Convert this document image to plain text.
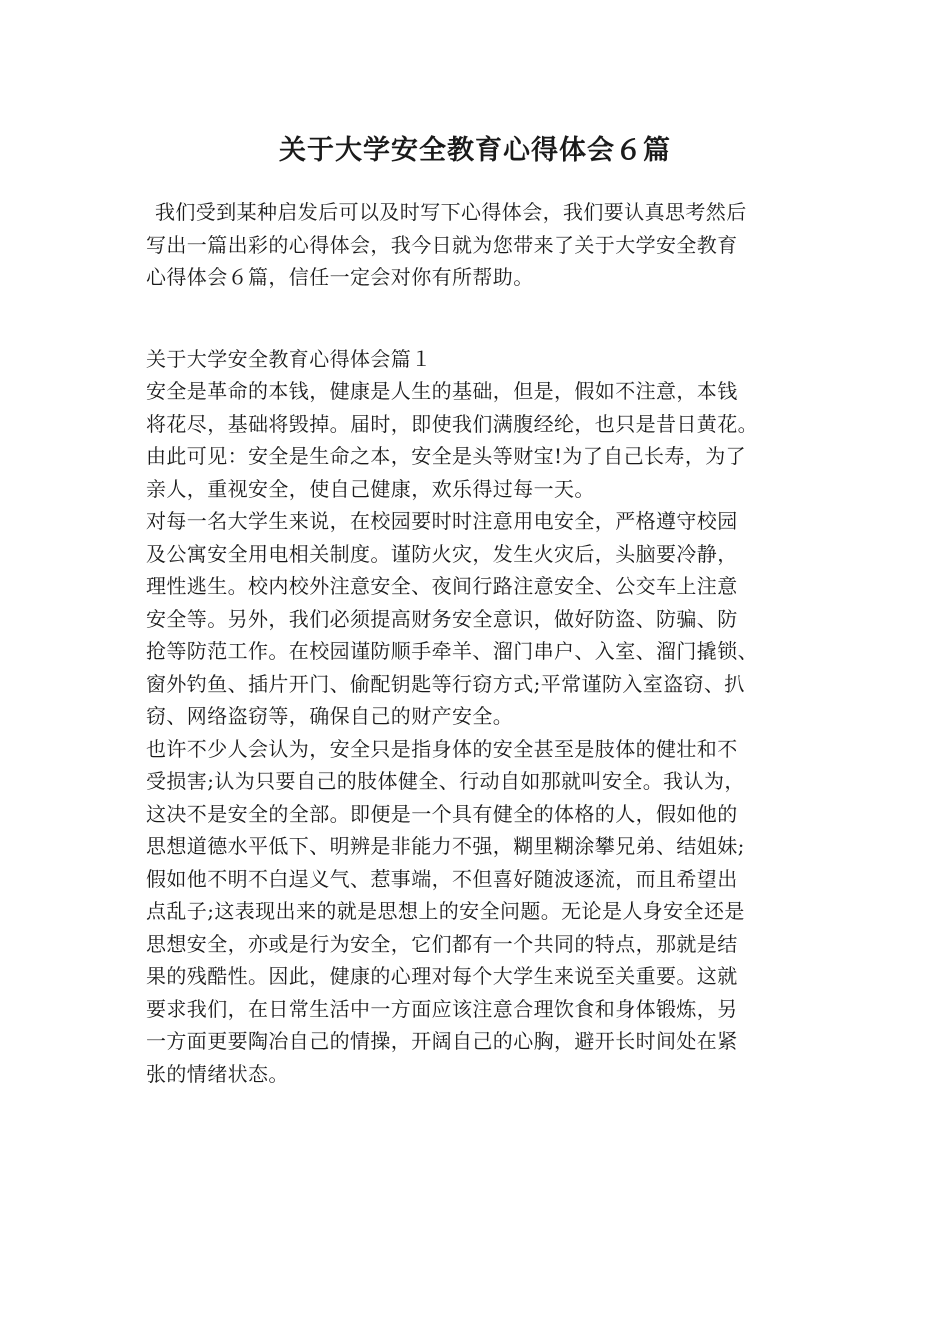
关于大学安全教育心得体会６篇
我们受到某种启发后可以及时写下心得体会，我们要认真思考然后
写出一篇出彩的心得体会，我今日就为您带来了关于大学安全教育
心得体会６篇，信任一定会对你有所帮助。
关于大学安全教育心得体会篇１
安全是革命的本钱，健康是人生的基础，但是，假如不注意，本钱
将花尽，基础将毁掉。届时，即使我们满腹经纶，也只是昔日黄花。
由此可见：安全是生命之本，安全是头等财宝!为了自己长寿，为了
亲人，重视安全，使自己健康，欢乐得过每一天。
对每一名大学生来说，在校园要时时注意用电安全，严格遵守校园
及公寓安全用电相关制度。谨防火灾，发生火灾后，头脑要冷静，
理性逃生。校内校外注意安全、夜间行路注意安全、公交车上注意
安全等。另外，我们必须提高财务安全意识，做好防盗、防骗、防
抢等防范工作。在校园谨防顺手牵羊、溜门串户、入室、溜门撬锁、
窗外钓鱼、插片开门、偷配钥匙等行窃方式;平常谨防入室盗窃、扒
窃、网络盗窃等，确保自己的财产安全。
也许不少人会认为，安全只是指身体的安全甚至是肢体的健壮和不
受损害;认为只要自己的肢体健全、行动自如那就叫安全。我认为，
这决不是安全的全部。即便是一个具有健全的体格的人，假如他的
思想道德水平低下、明辨是非能力不强，糊里糊涂攀兄弟、结姐妹;
假如他不明不白逞义气、惹事端，不但喜好随波逐流，而且希望出
点乱子;这表现出来的就是思想上的安全问题。无论是人身安全还是
思想安全，亦或是行为安全，它们都有一个共同的特点，那就是结
果的残酷性。因此，健康的心理对每个大学生来说至关重要。这就
要求我们，在日常生活中一方面应该注意合理饮食和身体锻炼，另
一方面更要陶冶自己的情操，开阔自己的心胸，避开长时间处在紧
张的情绪状态。
